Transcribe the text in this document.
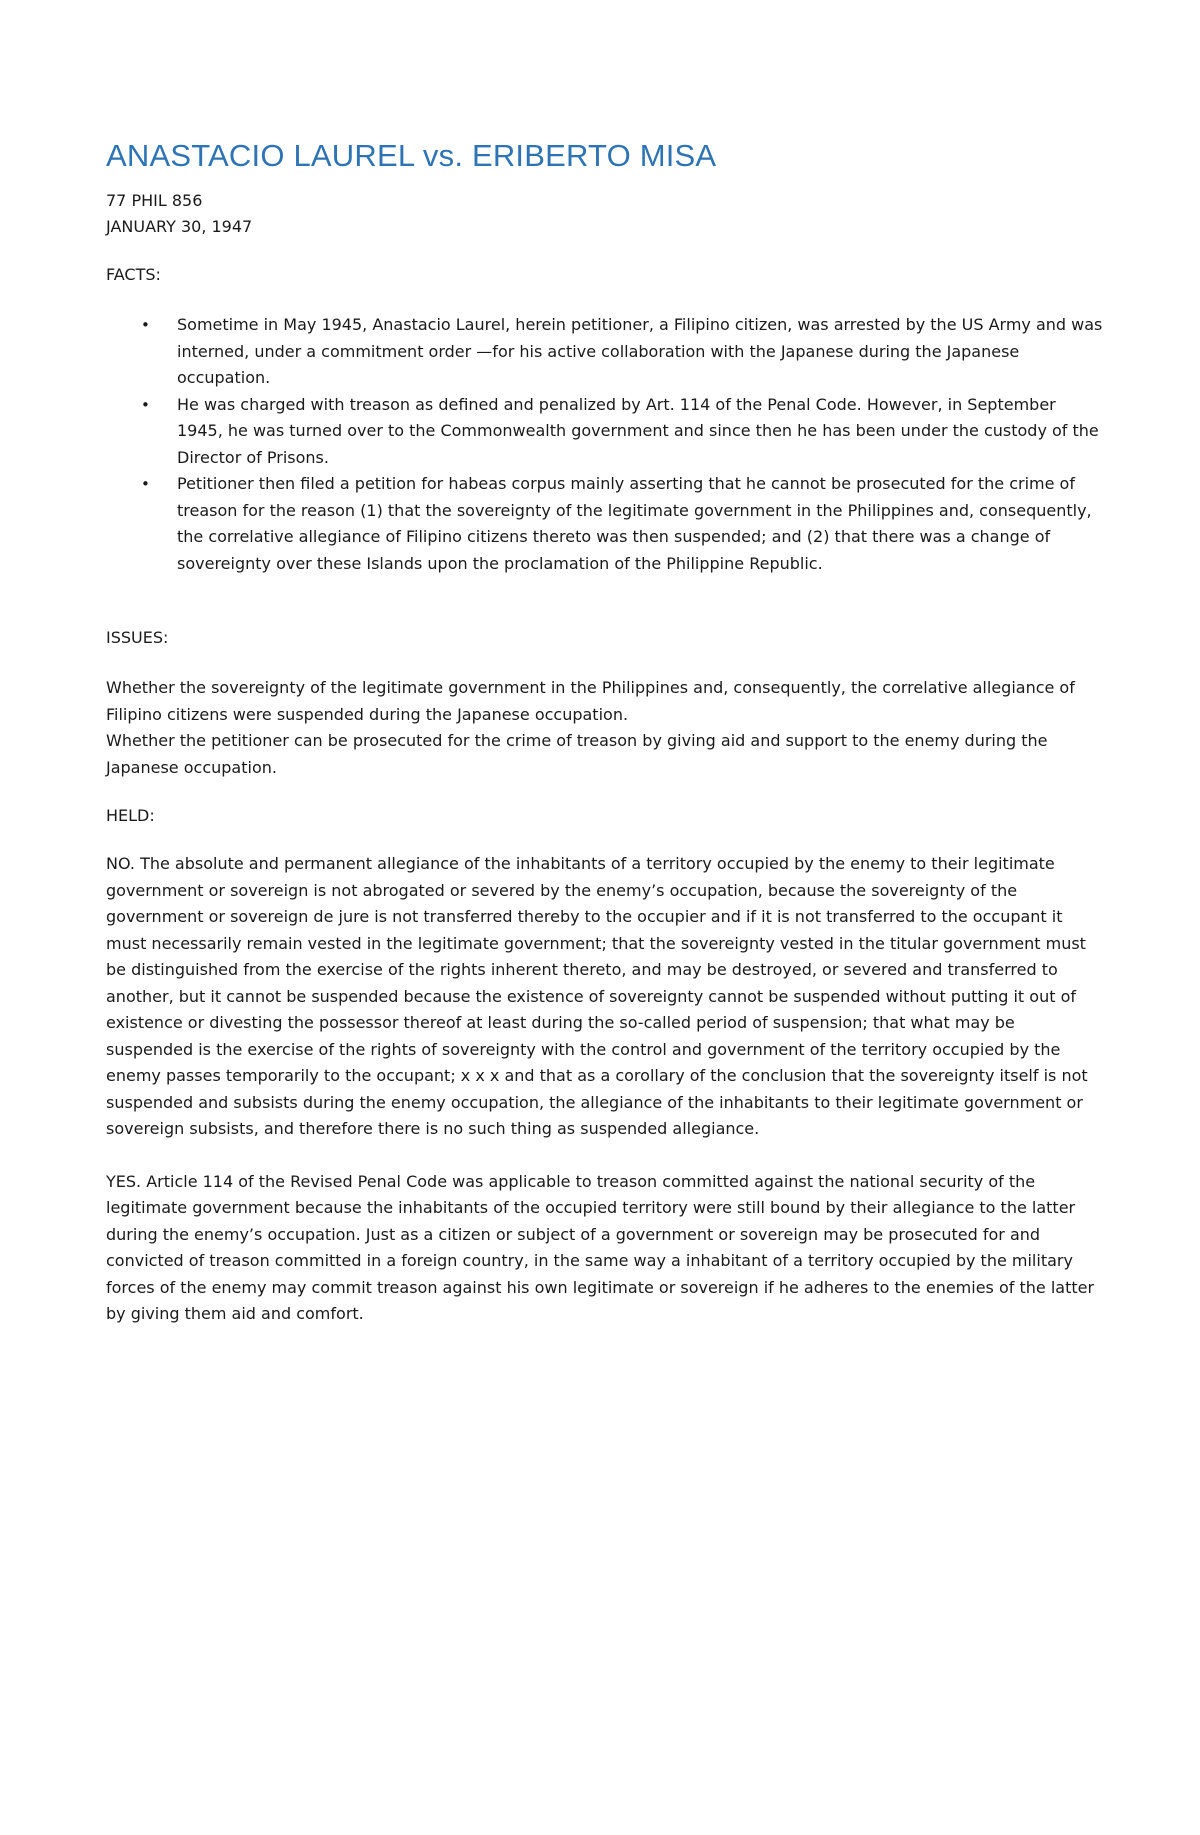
ANASTACIO LAUREL vs. ERIBERTO MISA

77 PHIL 856

JANUARY 30, 1947

FACTS:

• Sometime in May 1945, Anastacio Laurel, herein petitioner, a Filipino citizen, was arrested by the US Army and was interned, under a commitment order —for his active collaboration with the Japanese during the Japanese occupation.
• He was charged with treason as defined and penalized by Art. 114 of the Penal Code. However, in September 1945, he was turned over to the Commonwealth government and since then he has been under the custody of the Director of Prisons.
• Petitioner then filed a petition for habeas corpus mainly asserting that he cannot be prosecuted for the crime of treason for the reason (1) that the sovereignty of the legitimate government in the Philippines and, consequently, the correlative allegiance of Filipino citizens thereto was then suspended; and (2) that there was a change of sovereignty over these Islands upon the proclamation of the Philippine Republic.

ISSUES:

Whether the sovereignty of the legitimate government in the Philippines and, consequently, the correlative allegiance of Filipino citizens were suspended during the Japanese occupation.

Whether the petitioner can be prosecuted for the crime of treason by giving aid and support to the enemy during the Japanese occupation.

HELD:

NO. The absolute and permanent allegiance of the inhabitants of a territory occupied by the enemy to their legitimate government or sovereign is not abrogated or severed by the enemy’s occupation, because the sovereignty of the government or sovereign de jure is not transferred thereby to the occupier and if it is not transferred to the occupant it must necessarily remain vested in the legitimate government; that the sovereignty vested in the titular government must be distinguished from the exercise of the rights inherent thereto, and may be destroyed, or severed and transferred to another, but it cannot be suspended because the existence of sovereignty cannot be suspended without putting it out of existence or divesting the possessor thereof at least during the so-called period of suspension; that what may be suspended is the exercise of the rights of sovereignty with the control and government of the territory occupied by the enemy passes temporarily to the occupant; x x x and that as a corollary of the conclusion that the sovereignty itself is not suspended and subsists during the enemy occupation, the allegiance of the inhabitants to their legitimate government or sovereign subsists, and therefore there is no such thing as suspended allegiance.

YES. Article 114 of the Revised Penal Code was applicable to treason committed against the national security of the legitimate government because the inhabitants of the occupied territory were still bound by their allegiance to the latter during the enemy’s occupation. Just as a citizen or subject of a government or sovereign may be prosecuted for and convicted of treason committed in a foreign country, in the same way a inhabitant of a territory occupied by the military forces of the enemy may commit treason against his own legitimate or sovereign if he adheres to the enemies of the latter by giving them aid and comfort.
